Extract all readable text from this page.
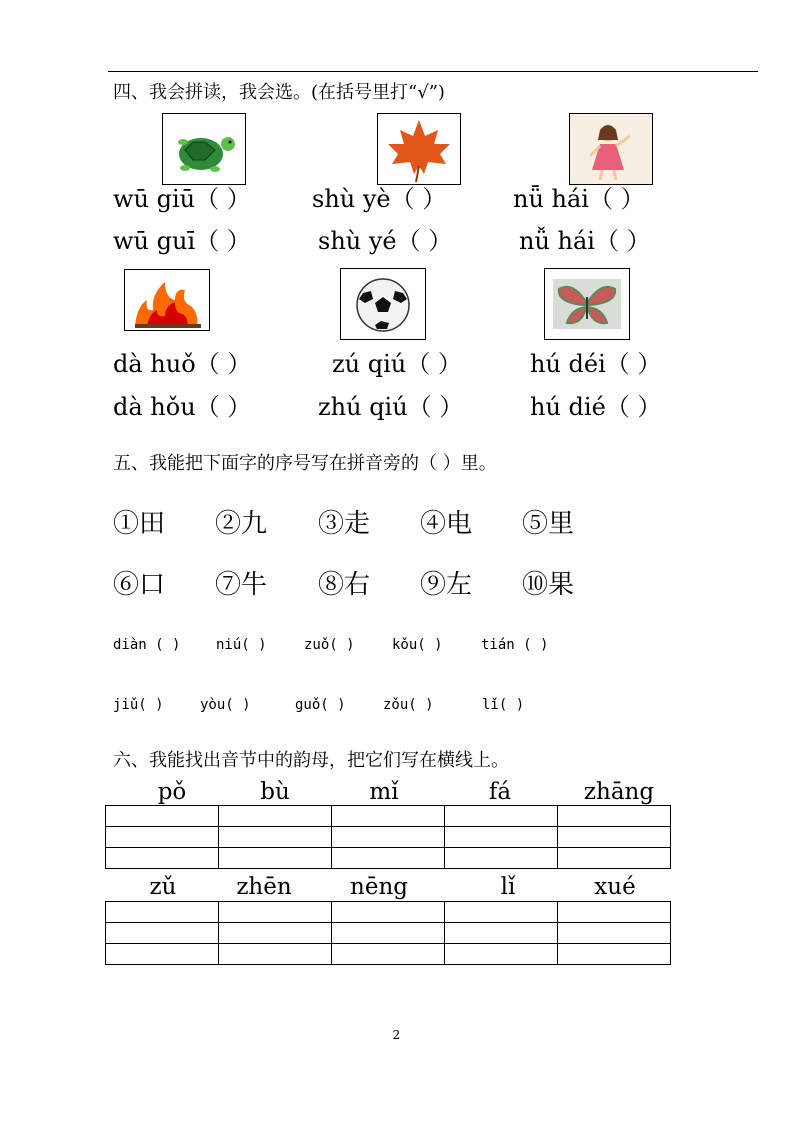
四、我会拼读，我会选。(在括号里打“√”)
wū giū（ ）
wū guī（ ）
shù yè（ ）
shù yé（ ）
nǖ hái（ ）
nǚ hái（ ）
dà huǒ（ ）
dà hǒu（ ）
zú qiú（ ）
zhú qiú（ ）
hú déi（ ）
hú dié（ ）
五、我能把下面字的序号写在拼音旁的（ ）里。
①田 ②九 ③走 ④电 ⑤里
⑥口 ⑦牛 ⑧右 ⑨左 ⑩果
diàn ( )	niú( )	zuǒ( )	kǒu( )	tián ( )
jiǔ( )	yòu( )	guǒ( )	zǒu( )	lǐ( )
六、我能找出音节中的韵母，把它们写在横线上。
pǒ	bù	mǐ	fá	zhāng

zǔ	zhēn	nēng	lǐ	xué

2
